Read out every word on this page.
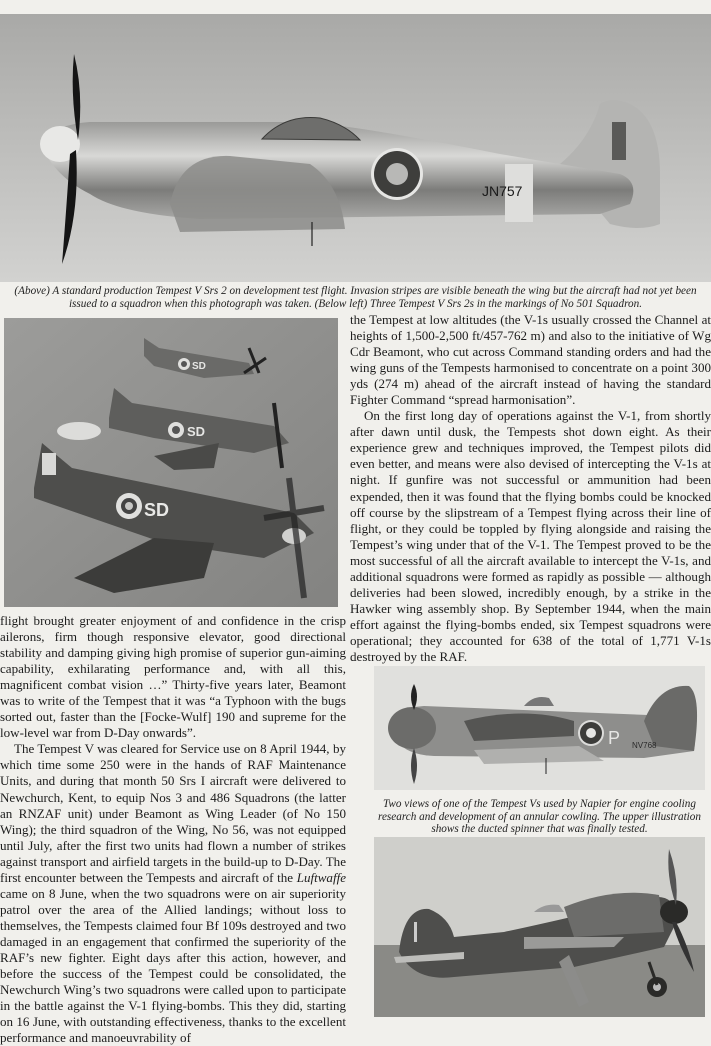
JN757
(Above) A standard production Tempest V Srs 2 on development test flight. Invasion stripes are visible beneath the wing but the aircraft had not yet been
issued to a squadron when this photograph was taken. (Below left) Three Tempest V Srs 2s in the markings of No 501 Squadron.
SD
SD
SD

the Tempest at low altitudes (the V-1s usually crossed the Channel at heights of 1,500-2,500 ft/457-762 m) and also to the initiative of Wg Cdr Beamont, who cut across Command standing orders and had the wing guns of the Tempests harmonised to concentrate on a point 300 yds (274 m) ahead of the aircraft instead of having the standard Fighter Command “spread harmonisation”.

On the first long day of operations against the V-1, from shortly after dawn until dusk, the Tempests shot down eight. As their experience grew and techniques improved, the Tempest pilots did even better, and means were also devised of intercepting the V-1s at night. If gunfire was not successful or ammunition had been expended, then it was found that the flying bombs could be knocked off course by the slipstream of a Tempest flying across their line of flight, or they could be toppled by flying alongside and raising the Tempest’s wing under that of the V-1. The Tempest proved to be the most successful of all the aircraft available to intercept the V-1s, and additional squadrons were formed as rapidly as possible — although deliveries had been slowed, incredibly enough, by a strike in the Hawker wing assembly shop. By September 1944, when the main effort against the flying-bombs ended, six Tempest squadrons were operational; they accounted for 638 of the total of 1,771 V-1s destroyed by the RAF.

flight brought greater enjoyment of and confidence in the crisp ailerons, firm though responsive elevator, good directional stability and damping giving high promise of superior gun-aiming capability, exhilarating performance and, with all this, magnificent combat vision …” Thirty-five years later, Beamont was to write of the Tempest that it was “a Typhoon with the bugs sorted out, faster than the [Focke-Wulf] 190 and supreme for the low-level war from D-Day onwards”.

The Tempest V was cleared for Service use on 8 April 1944, by which time some 250 were in the hands of RAF Maintenance Units, and during that month 50 Srs I aircraft were delivered to Newchurch, Kent, to equip Nos 3 and 486 Squadrons (the latter an RNZAF unit) under Beamont as Wing Leader (of No 150 Wing); the third squadron of the Wing, No 56, was not equipped until July, after the first two units had flown a number of strikes against transport and airfield targets in the build-up to D-Day. The first encounter between the Tempests and aircraft of the Luftwaffe came on 8 June, when the two squadrons were on air superiority patrol over the area of the Allied landings; without loss to themselves, the Tempests claimed four Bf 109s destroyed and two damaged in an engagement that confirmed the superiority of the RAF’s new fighter. Eight days after this action, however, and before the success of the Tempest could be consolidated, the Newchurch Wing’s two squadrons were called upon to participate in the battle against the V-1 flying-bombs. This they did, starting on 16 June, with outstanding effectiveness, thanks to the excellent performance and manoeuvrability of

P NV768
Two views of one of the Tempest Vs used by Napier for engine cooling
research and development of an annular cowling. The upper illustration
shows the ducted spinner that was finally tested.
